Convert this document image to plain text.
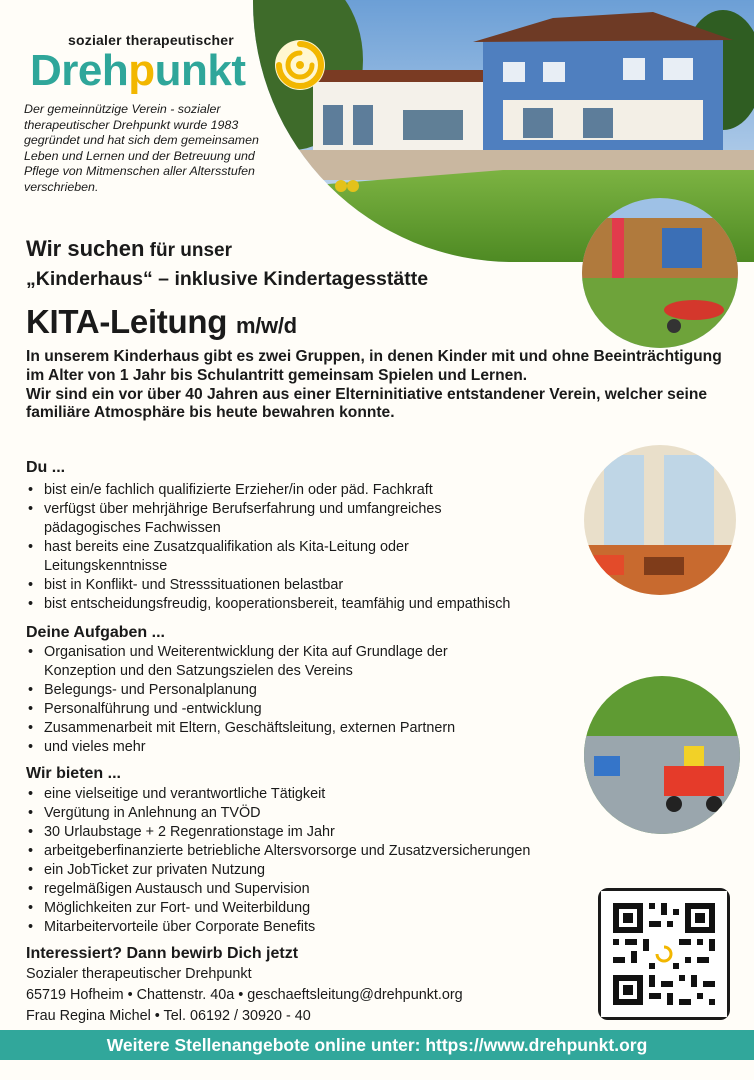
sozialer therapeutischer
Drehpunkt
Der gemeinnützige Verein - sozialer therapeutischer Drehpunkt wurde 1983 gegründet und hat sich dem gemeinsamen Leben und Lernen und der Betreuung und Pflege von Mitmenschen aller Altersstufen verschrieben.
Wir suchen für unser
„Kinderhaus“ – inklusive Kindertagesstätte
KITA-Leitung m/w/d

In unserem Kinderhaus gibt es zwei Gruppen, in denen Kinder mit und ohne Beeinträchtigung im Alter von 1 Jahr bis Schulantritt gemeinsam Spielen und Lernen.

Wir sind ein vor über 40 Jahren aus einer Elterninitiative entstandener Verein, welcher seine familiäre Atmosphäre bis heute bewahren konnte.

Du ...
• bist ein/e fachlich qualifizierte Erzieher/in oder päd. Fachkraft
• verfügst über mehrjährige Berufserfahrung und umfangreiches pädagogisches Fachwissen
• hast bereits eine Zusatzqualifikation als Kita-Leitung oder Leitungskenntnisse
• bist in Konflikt- und Stresssituationen belastbar
• bist entscheidungsfreudig, kooperationsbereit, teamfähig und empathisch
Deine Aufgaben ...
• Organisation und Weiterentwicklung der Kita auf Grundlage der Konzeption und den Satzungszielen des Vereins
• Belegungs- und Personalplanung
• Personalführung und -entwicklung
• Zusammenarbeit mit Eltern, Geschäftsleitung, externen Partnern
• und vieles mehr
Wir bieten ...
• eine vielseitige und verantwortliche Tätigkeit
• Vergütung in Anlehnung an TVÖD
• 30 Urlaubstage + 2 Regenrationstage im Jahr
• arbeitgeberfinanzierte betriebliche Altersvorsorge und Zusatzversicherungen
• ein JobTicket zur privaten Nutzung
• regelmäßigen Austausch und Supervision
• Möglichkeiten zur Fort- und Weiterbildung
• Mitarbeitervorteile über Corporate Benefits
Interessiert? Dann bewirb Dich jetzt
Sozialer therapeutischer Drehpunkt
65719 Hofheim • Chattenstr. 40a • geschaeftsleitung@drehpunkt.org
Frau Regina Michel • Tel. 06192 / 30920 - 40
Weitere Stellenangebote online unter: https://www.drehpunkt.org
